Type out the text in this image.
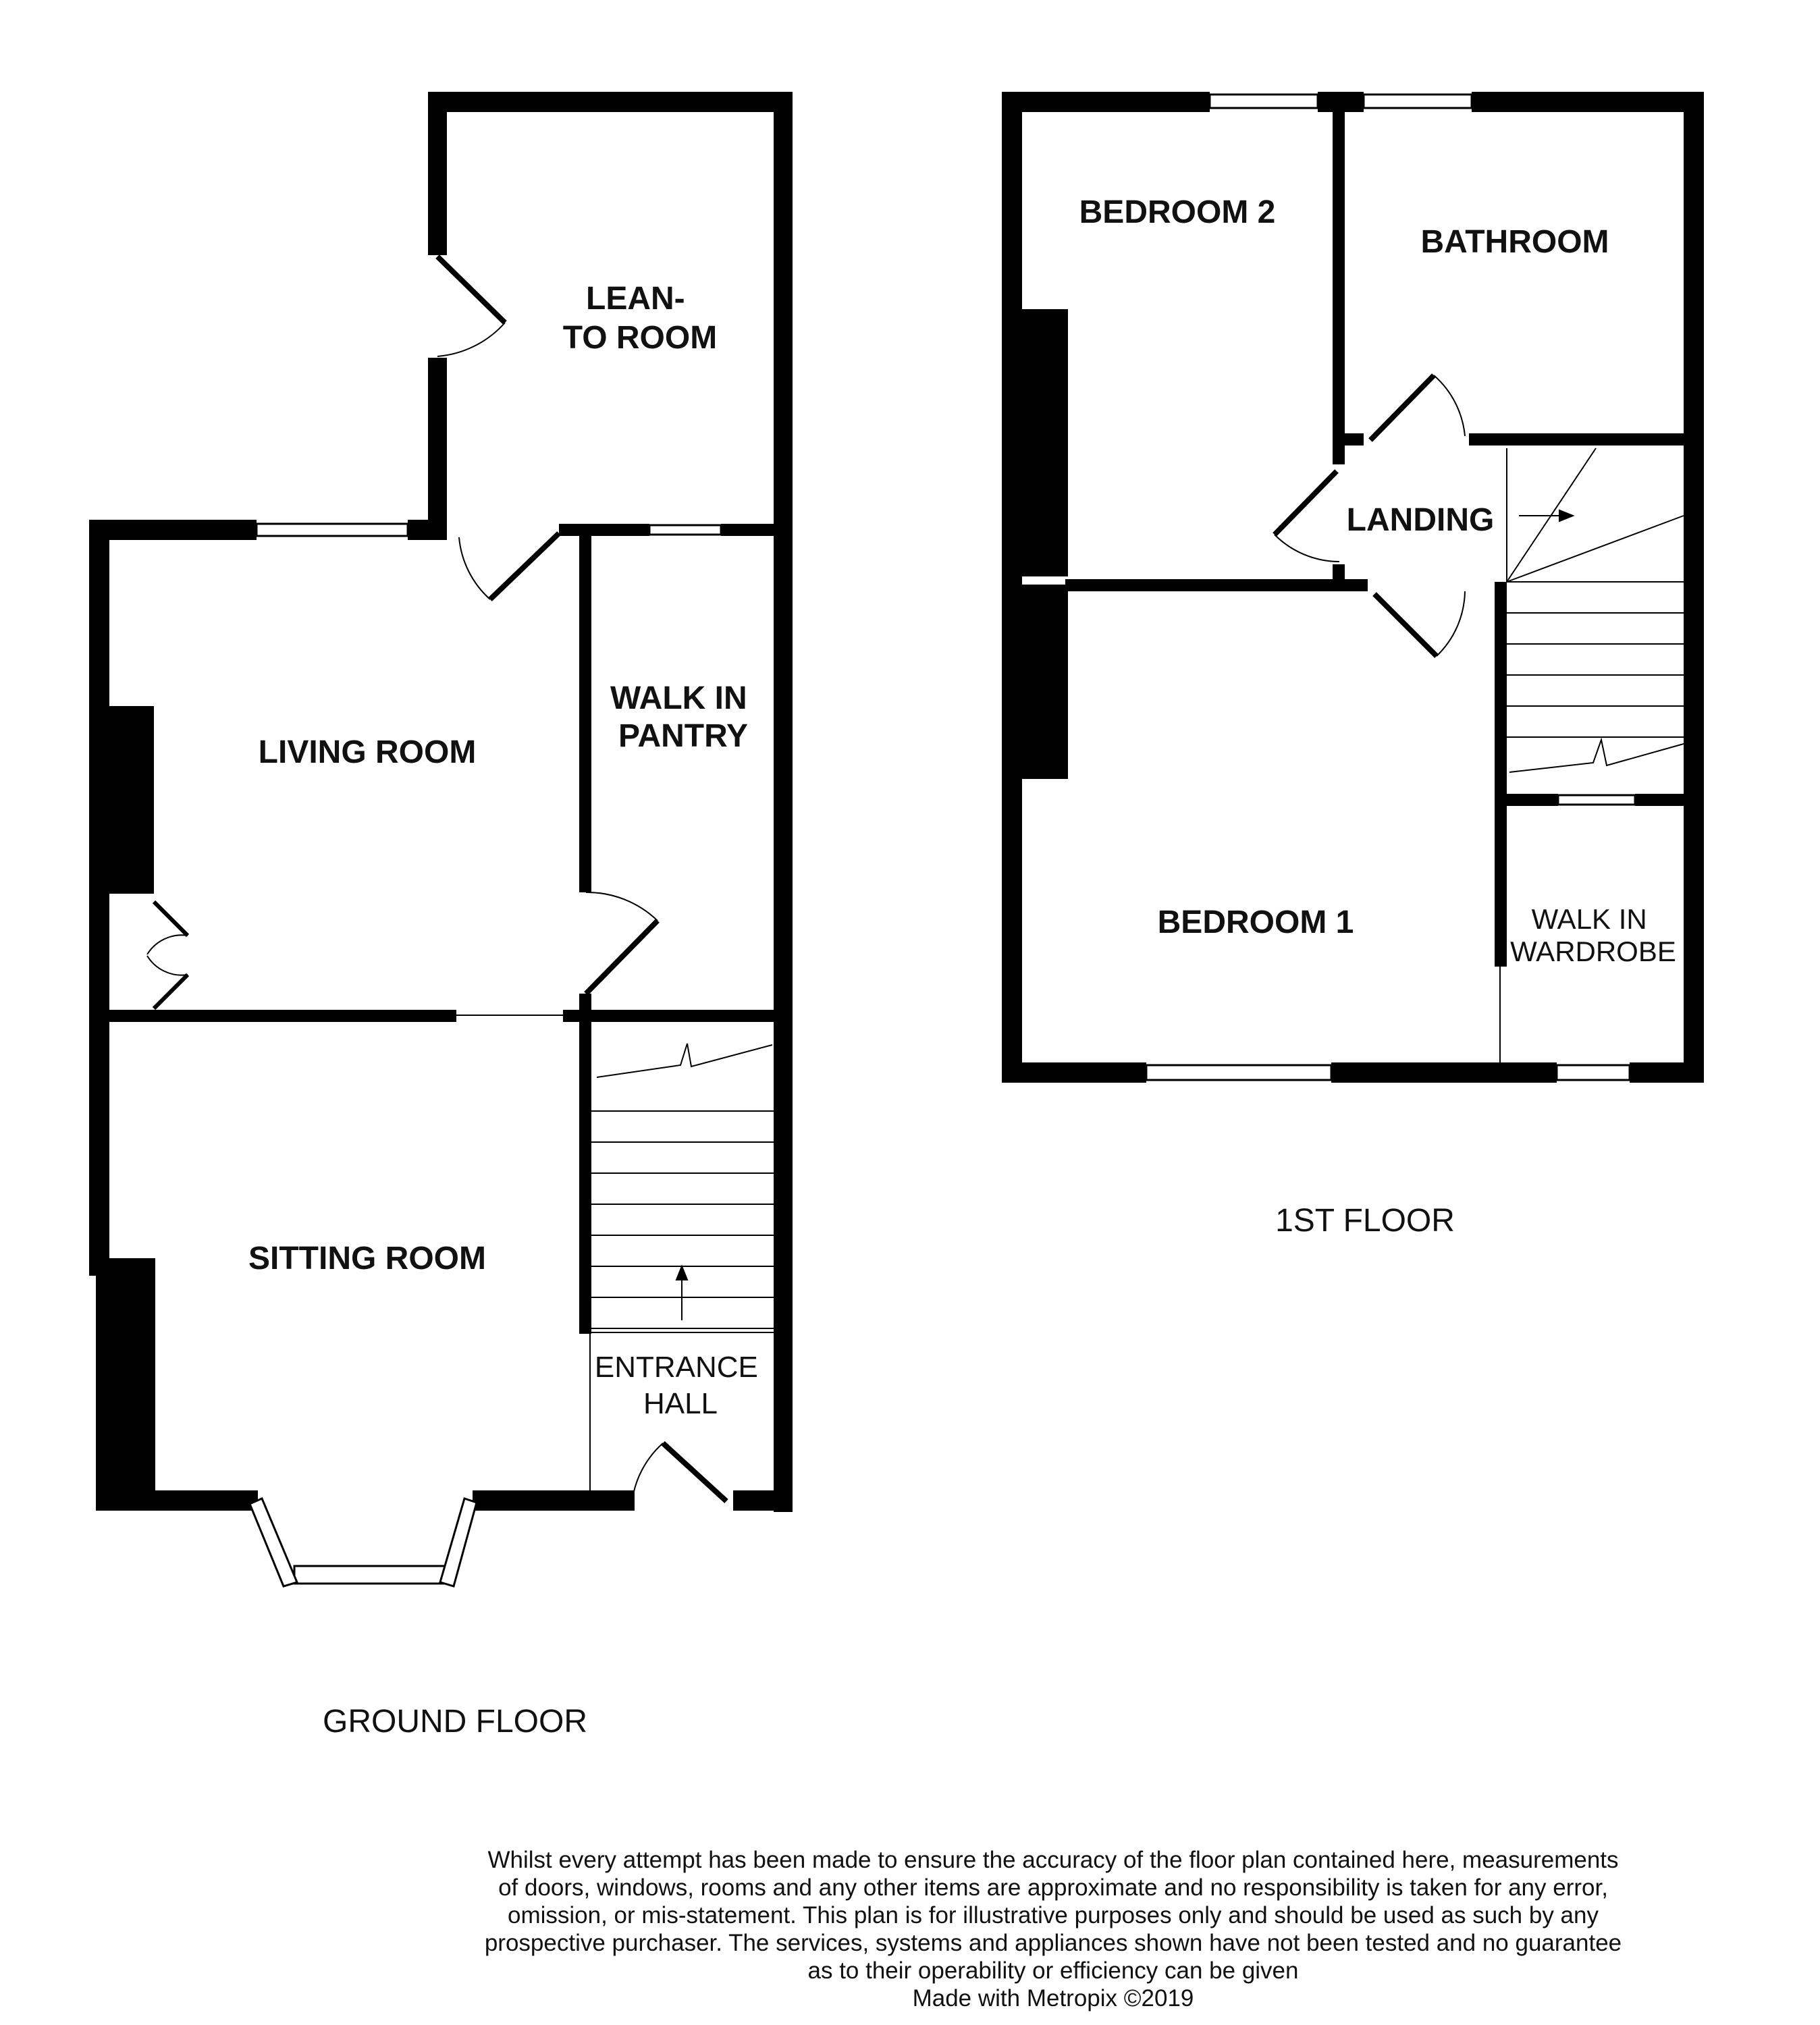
LEAN- TO ROOM
LIVING ROOM
WALK IN PANTRY
SITTING ROOM
ENTRANCE HALL
GROUND FLOOR
BEDROOM 2
BATHROOM
LANDING
BEDROOM 1	WALK IN WARDROBE
1ST FLOOR
Whilst every attempt has been made to ensure the accuracy of the floor plan contained here, measurements
of doors, windows, rooms and any other items are approximate and no responsibility is taken for any error,
omission, or mis-statement. This plan is for illustrative purposes only and should be used as such by any
prospective purchaser. The services, systems and appliances shown have not been tested and no guarantee
as to their operability or efficiency can be given
Made with Metropix ©2019
